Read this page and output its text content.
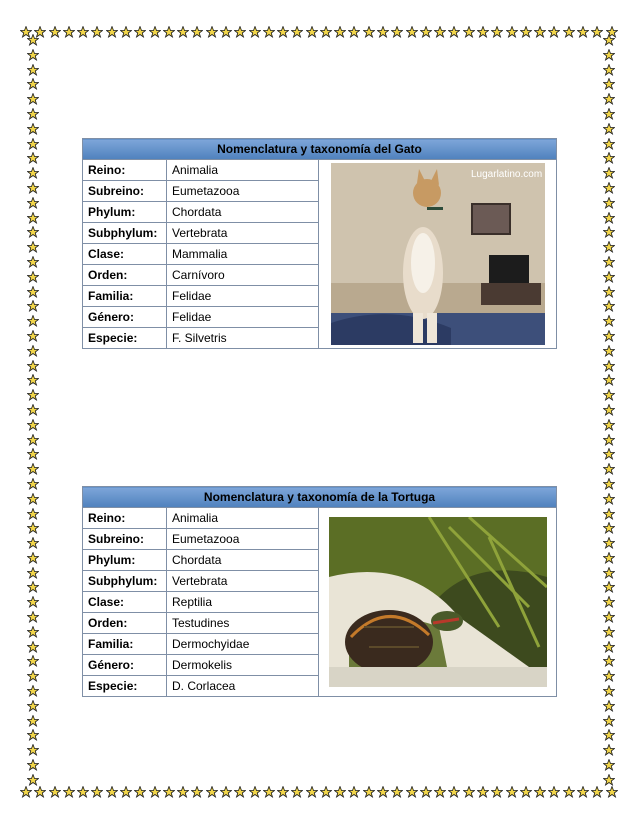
Nomenclatura y taxonomía del Gato		
Reino:	Animalia	Lugarlatino.com

Subreino:	Eumetazooa	
Phylum:	Chordata	
Subphylum:	Vertebrata	
Clase:	Mammalia	
Orden:	Carnívoro	
Familia:	Felidae	
Género:	Felidae	
Especie:	F. Silvetris	
Nomenclatura y taxonomía de la Tortuga		
Reino:	Animalia	

Subreino:	Eumetazooa	
Phylum:	Chordata	
Subphylum:	Vertebrata	
Clase:	Reptilia	
Orden:	Testudines	
Familia:	Dermochyidae	
Género:	Dermokelis	
Especie:	D. Corlacea	
